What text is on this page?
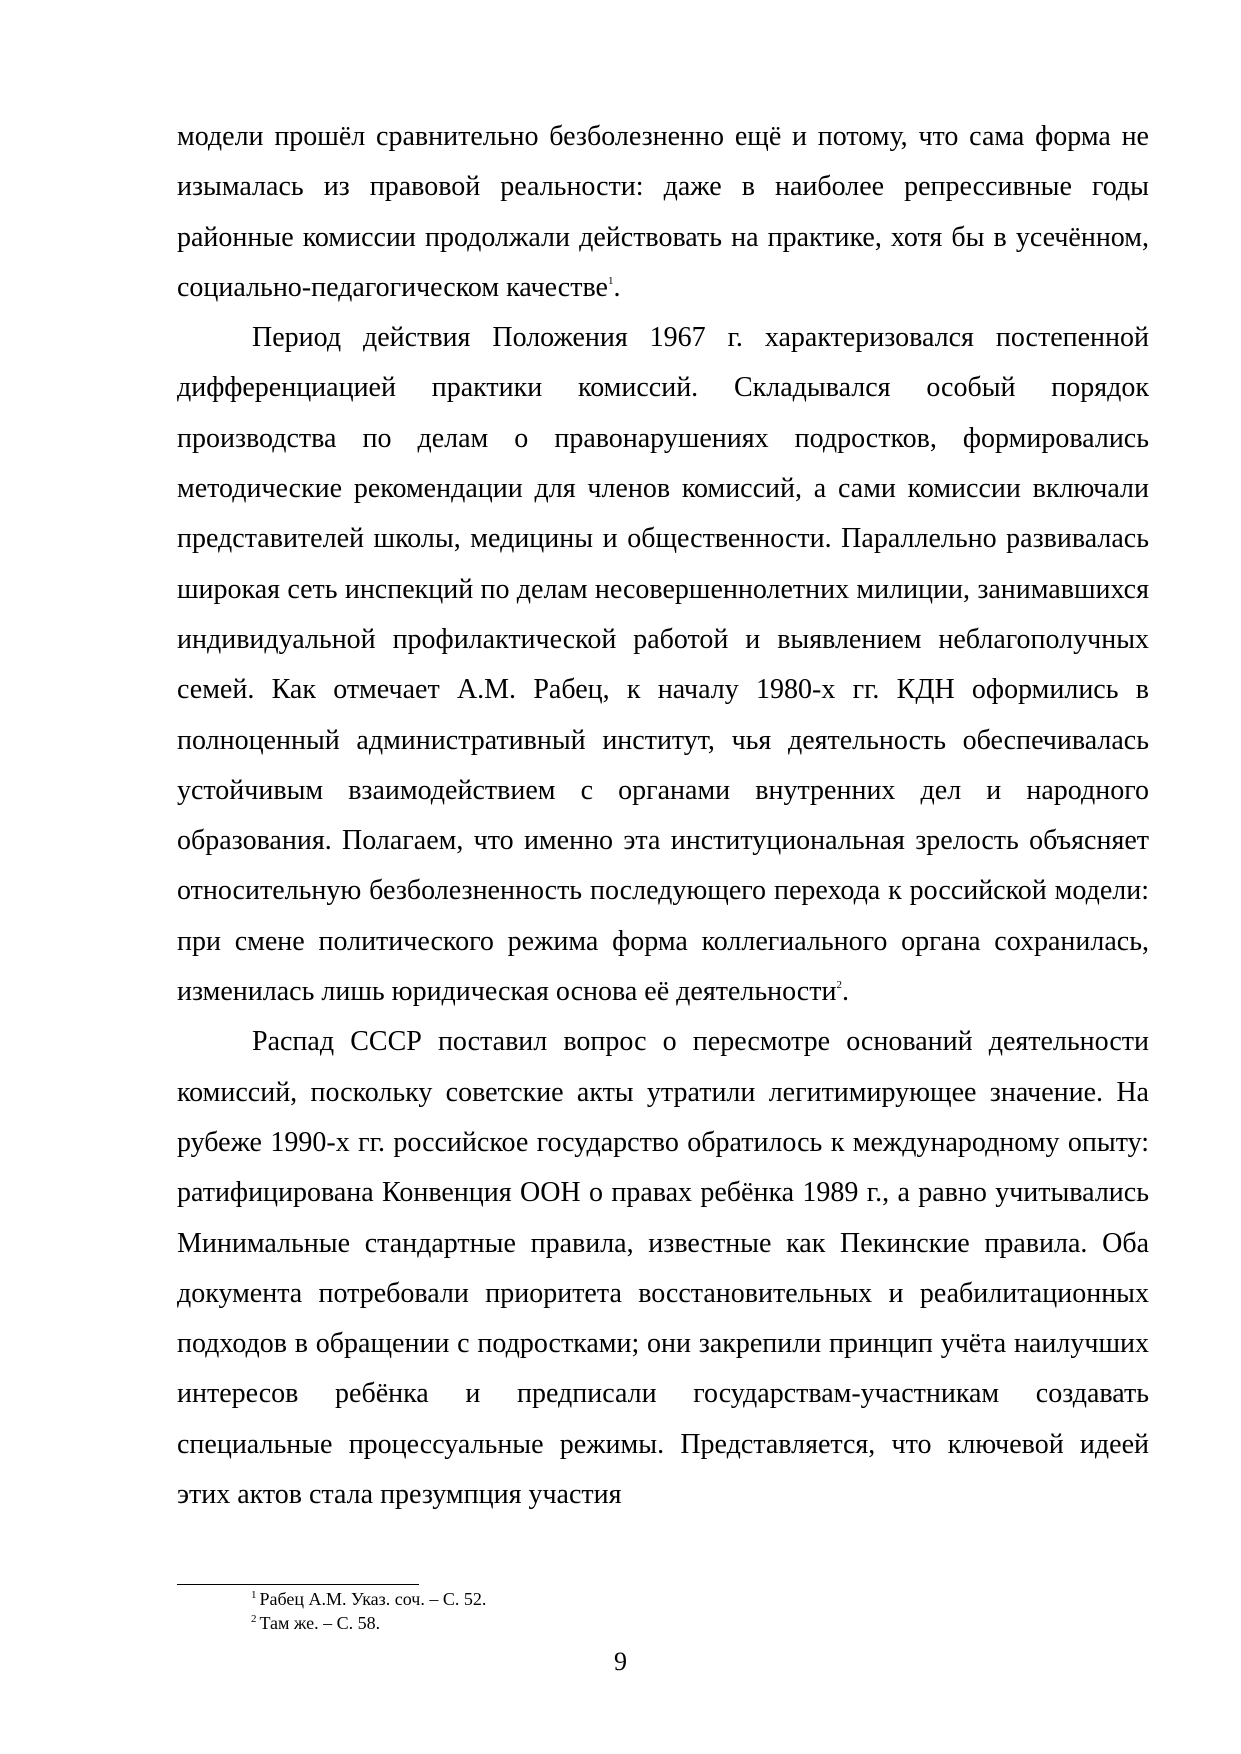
модели прошёл сравнительно безболезненно ещё и потому, что сама форма не изымалась из правовой реальности: даже в наиболее репрессивные годы районные комиссии продолжали действовать на практике, хотя бы в усечённом, социально-педагогическом качестве$^1$.

Период действия Положения 1967 г. характеризовался постепенной дифференциацией практики комиссий. Складывался особый порядок производства по делам о правонарушениях подростков, формировались методические рекомендации для членов комиссий, а сами комиссии включали представителей школы, медицины и общественности. Параллельно развивалась широкая сеть инспекций по делам несовершеннолетних милиции, занимавшихся индивидуальной профилактической работой и выявлением неблагополучных семей. Как отмечает А.М. Рабец, к началу 1980-х гг. КДН оформились в полноценный административный институт, чья деятельность обеспечивалась устойчивым взаимодействием с органами внутренних дел и народного образования. Полагаем, что именно эта институциональная зрелость объясняет относительную безболезненность последующего перехода к российской модели: при смене политического режима форма коллегиального органа сохранилась, изменилась лишь юридическая основа её деятельности$^2$.

Распад СССР поставил вопрос о пересмотре оснований деятельности комиссий, поскольку советские акты утратили легитимирующее значение. На рубеже 1990-х гг. российское государство обратилось к международному опыту: ратифицирована Конвенция ООН о правах ребёнка 1989 г., а равно учитывались Минимальные стандартные правила, известные как Пекинские правила. Оба документа потребовали приоритета восстановительных и реабилитационных подходов в обращении с подростками; они закрепили принцип учёта наилучших интересов ребёнка и предписали государствам-участникам создавать специальные процессуальные режимы. Представляется, что ключевой идеей этих актов стала презумпция участия

$^1$ Рабец А.М. Указ. соч. – С. 52.
$^2$ Там же. – С. 58.
9
